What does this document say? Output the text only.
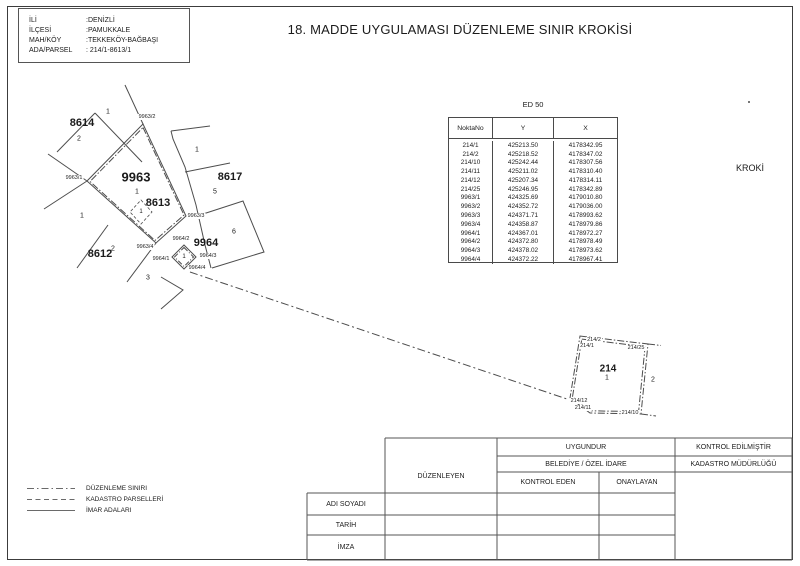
İLİ	:DENİZLİ
İLÇESİ	:PAMUKKALE
MAH/KÖY	:TEKKEKÖY-BAĞBAŞI
ADA/PARSEL	: 214/1-8613/1
18. MADDE UYGULAMASI DÜZENLEME SINIR KROKİSİ
ED 50
NoktaNo	Y	X
214/1	425213.50	4178342.95
214/2	425218.52	4178347.02
214/10	425242.44	4178307.56
214/11	425211.02	4178310.40
214/12	425207.34	4178314.11
214/25	425246.95	4178342.89
9963/1	424325.69	4179010.80
9963/2	424352.72	4179036.00
9963/3	424371.71	4178993.62
9963/4	424358.87	4178979.86
9964/1	424367.01	4178972.27
9964/2	424372.80	4178978.49
9964/3	424378.02	4178973.62
9964/4	424372.22	4178967.41
KROKİ
8614
9963
8613
8617
8612
9964
214
1
2
1
1
1
5
6
1
2
3
1
1	2
9963/1
9963/2
9963/3
9963/4
9964/1
9964/2
9964/3
9964/4
214/1
214/2
214/25
214/12
214/11
214/10
DÜZENLEME SINIRI
KADASTRO PARSELLERİ
İMAR ADALARI
DÜZENLEYEN
UYGUNDUR
BELEDİYE / ÖZEL İDARE
KONTROL EDEN	ONAYLAYAN
KONTROL EDİLMİŞTİR
KADASTRO MÜDÜRLÜĞÜ
ADI SOYADI
TARİH
İMZA
